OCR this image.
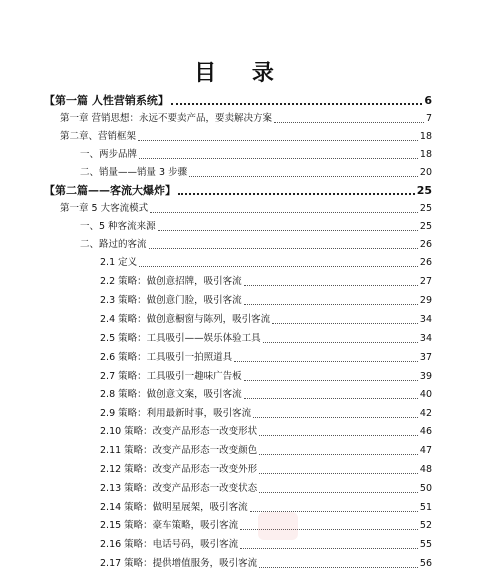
目 录
【第一篇 人性营销系统】	6
第一章 营销思想：永远不要卖产品，要卖解决方案	7
第二章、营销框架	18
一、两步品牌	18
二、销量——销量 3 步骤	20
【第二篇——客流大爆炸】	25
第一章 5 大客流模式	25
一、5 种客流来源	25
二、路过的客流	26
2.1 定义	26
2.2 策略：做创意招牌，吸引客流	27
2.3 策略：做创意门脸，吸引客流	29
2.4 策略：做创意橱窗与陈列，吸引客流	34
2.5 策略：工具吸引——娱乐体验工具	34
2.6 策略：工具吸引一拍照道具	37
2.7 策略：工具吸引一趣味广告板	39
2.8 策略：做创意文案，吸引客流	40
2.9 策略：利用最新时事，吸引客流	42
2.10 策略：改变产品形态一改变形状	46
2.11 策略：改变产品形态一改变颜色	47
2.12 策略：改变产品形态一改变外形	48
2.13 策略：改变产品形态一改变状态	50
2.14 策略：做明星展架，吸引客流	51
2.15 策略：豪车策略，吸引客流	52
2.16 策略：电话号码，吸引客流	55
2.17 策略：提供增值服务，吸引客流	56
